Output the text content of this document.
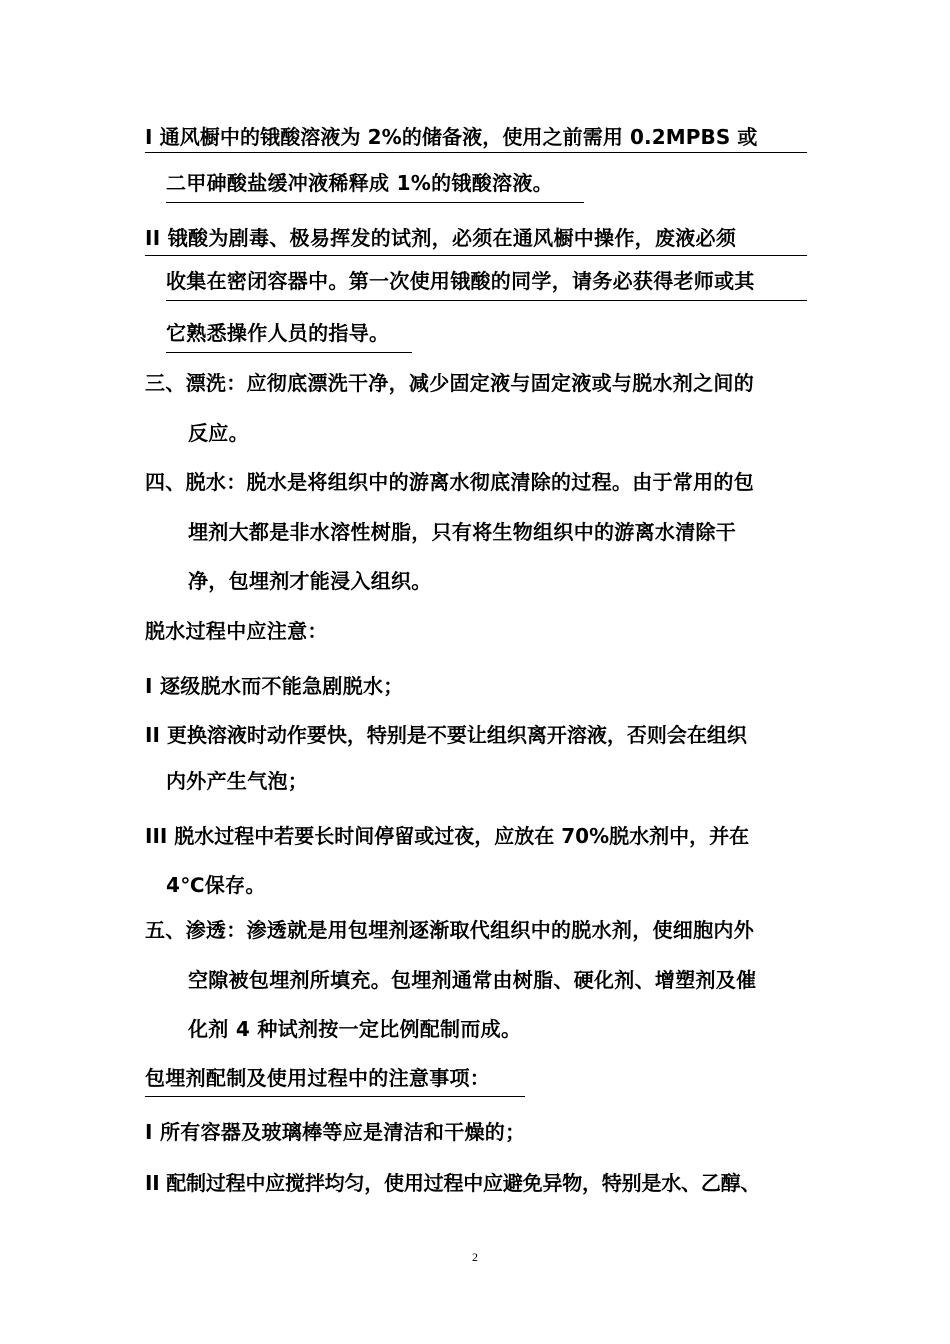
I 通风橱中的锇酸溶液为 2%的储备液，使用之前需用 0.2MPBS 或
二甲砷酸盐缓冲液稀释成 1%的锇酸溶液。
II 锇酸为剧毒、极易挥发的试剂，必须在通风橱中操作，废液必须
收集在密闭容器中。第一次使用锇酸的同学，请务必获得老师或其
它熟悉操作人员的指导。
三、漂洗：应彻底漂洗干净，减少固定液与固定液或与脱水剂之间的
反应。
四、脱水：脱水是将组织中的游离水彻底清除的过程。由于常用的包
埋剂大都是非水溶性树脂，只有将生物组织中的游离水清除干
净，包埋剂才能浸入组织。
脱水过程中应注意：
I 逐级脱水而不能急剧脱水；
II 更换溶液时动作要快，特别是不要让组织离开溶液，否则会在组织
内外产生气泡；
III 脱水过程中若要长时间停留或过夜，应放在 70%脱水剂中，并在
4℃保存。
五、渗透：渗透就是用包埋剂逐渐取代组织中的脱水剂，使细胞内外
空隙被包埋剂所填充。包埋剂通常由树脂、硬化剂、增塑剂及催
化剂 4 种试剂按一定比例配制而成。
包埋剂配制及使用过程中的注意事项：
I 所有容器及玻璃棒等应是清洁和干燥的；
II 配制过程中应搅拌均匀，使用过程中应避免异物，特别是水、乙醇、
2
